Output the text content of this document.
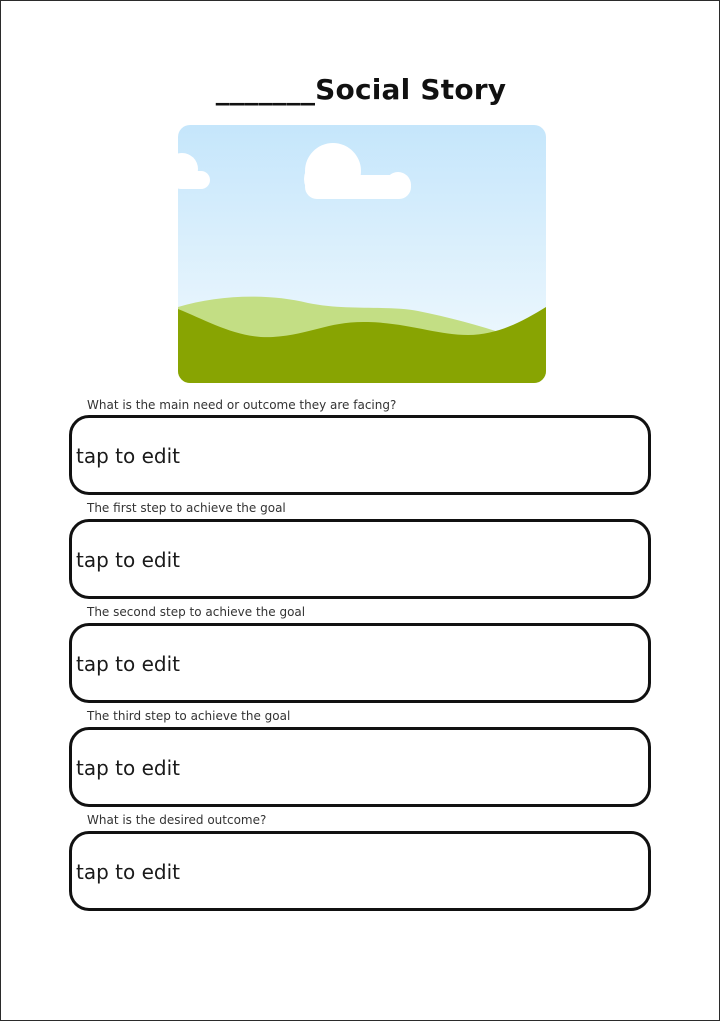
_______Social Story
What is the main need or outcome they are facing?
tap to edit
The first step to achieve the goal
tap to edit
The second step to achieve the goal
tap to edit
The third step to achieve the goal
tap to edit
What is the desired outcome?
tap to edit
